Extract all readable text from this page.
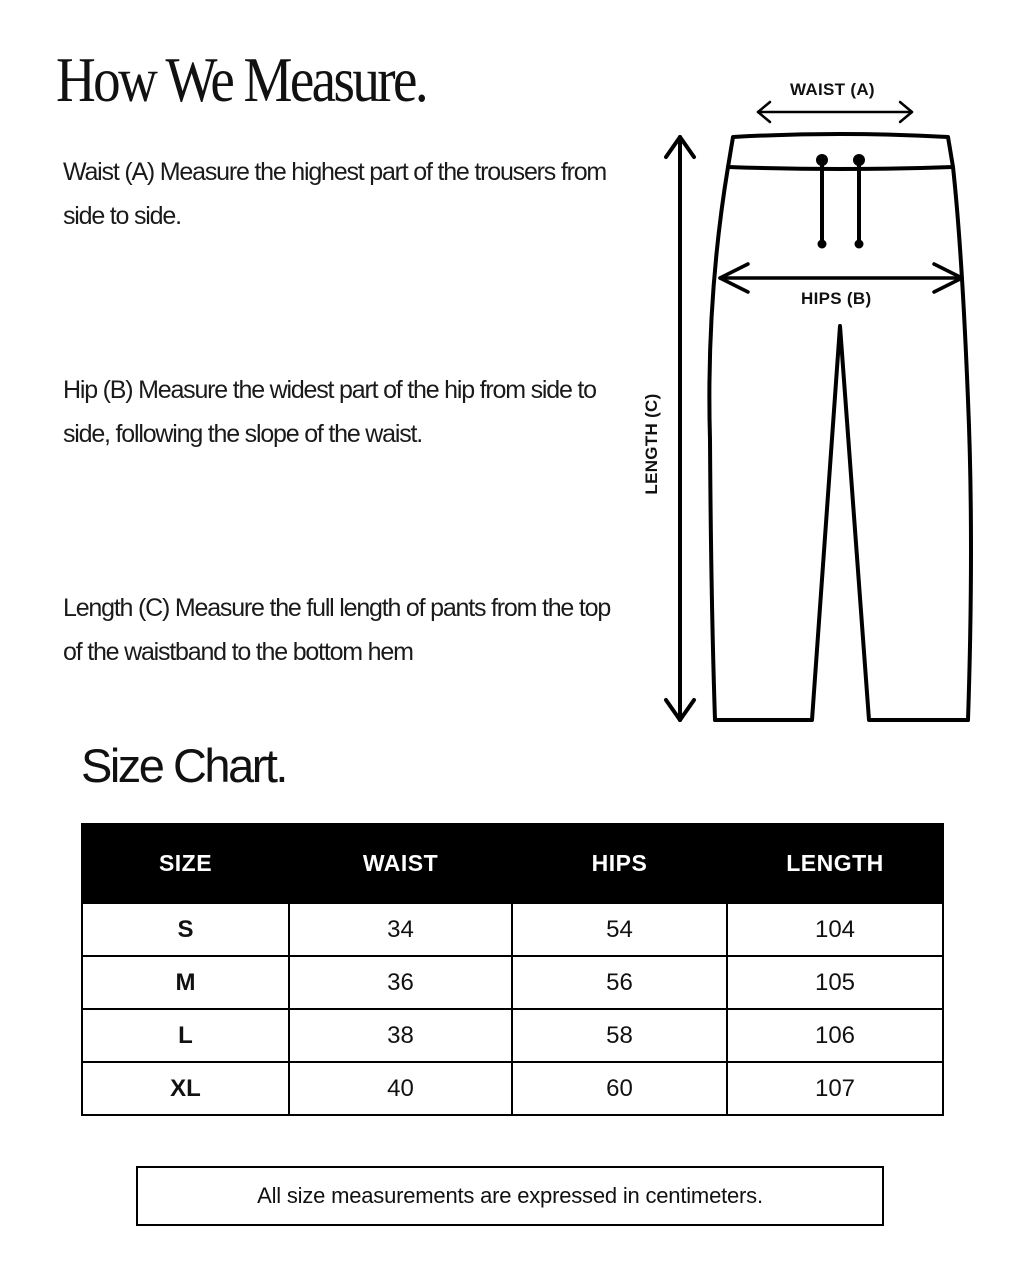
How We Measure.

Waist (A) Measure the highest part of the trousers from side to side.

Hip (B) Measure the widest part of the hip from side to side, following the slope of the waist.

Length (C) Measure the full length of pants from the top of the waistband to the bottom hem

WAIST (A)
HIPS (B)
LENGTH (C)
Size Chart.
SIZE	WAIST	HIPS	LENGTH
S	34	54	104
M	36	56	105
L	38	58	106
XL	40	60	107
All size measurements are expressed in centimeters.
